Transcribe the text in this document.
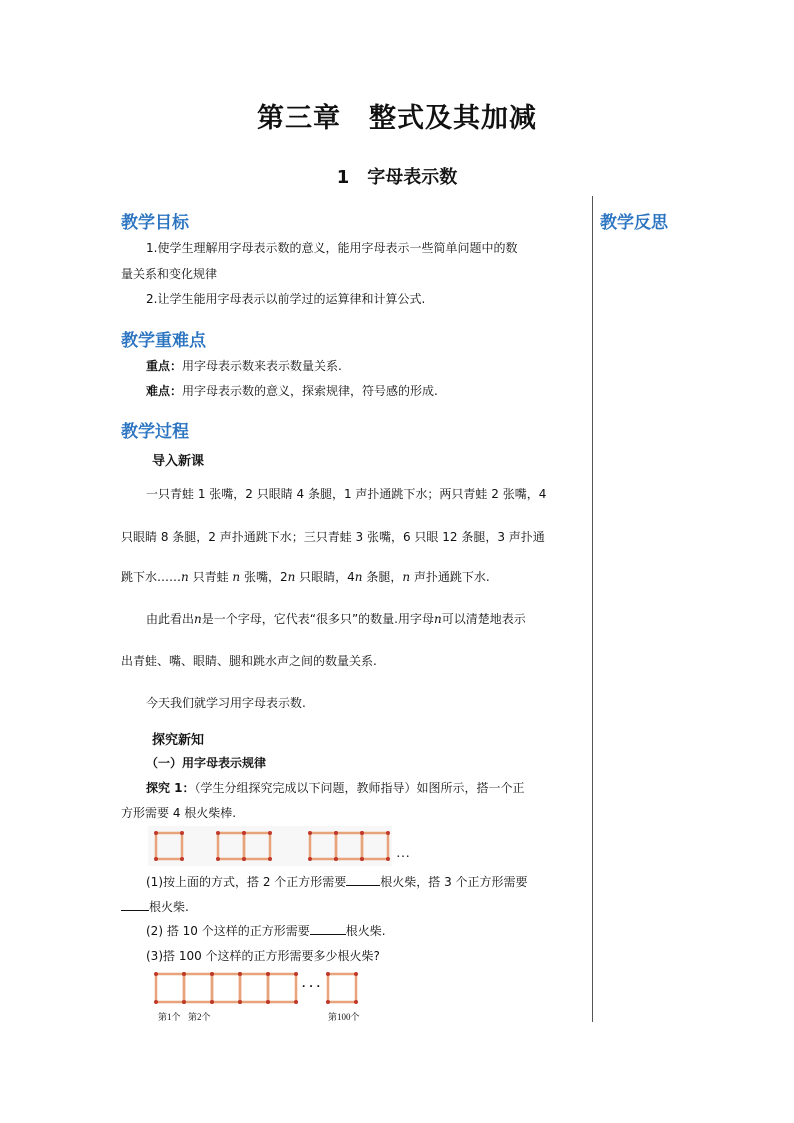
第三章　整式及其加减
1　字母表示数
教学反思
教学目标
1.使学生理解用字母表示数的意义，能用字母表示一些简单问题中的数
量关系和变化规律
2.让学生能用字母表示以前学过的运算律和计算公式.
教学重难点
重点：用字母表示数来表示数量关系.
难点：用字母表示数的意义，探索规律，符号感的形成.
教学过程
导入新课
一只青蛙 1 张嘴，2 只眼睛 4 条腿，1 声扑通跳下水；两只青蛙 2 张嘴，4
只眼睛 8 条腿，2 声扑通跳下水；三只青蛙 3 张嘴，6 只眼 12 条腿，3 声扑通
跳下水……n 只青蛙 n 张嘴，2n 只眼睛，4n 条腿，n 声扑通跳下水.
由此看出n是一个字母，它代表“很多只”的数量.用字母n可以清楚地表示
出青蛙、嘴、眼睛、腿和跳水声之间的数量关系.
今天我们就学习用字母表示数.
探究新知
（一）用字母表示规律
探究 1：（学生分组探究完成以下问题，教师指导）如图所示，搭一个正
方形需要 4 根火柴棒.
…
(1)按上面的方式，搭 2 个正方形需要	根火柴，搭 3 个正方形需要
根火柴.
(2) 搭 10 个这样的正方形需要	根火柴.
(3)搭 100 个这样的正方形需要多少根火柴?
· · ·
第1个 第2个	第100个
